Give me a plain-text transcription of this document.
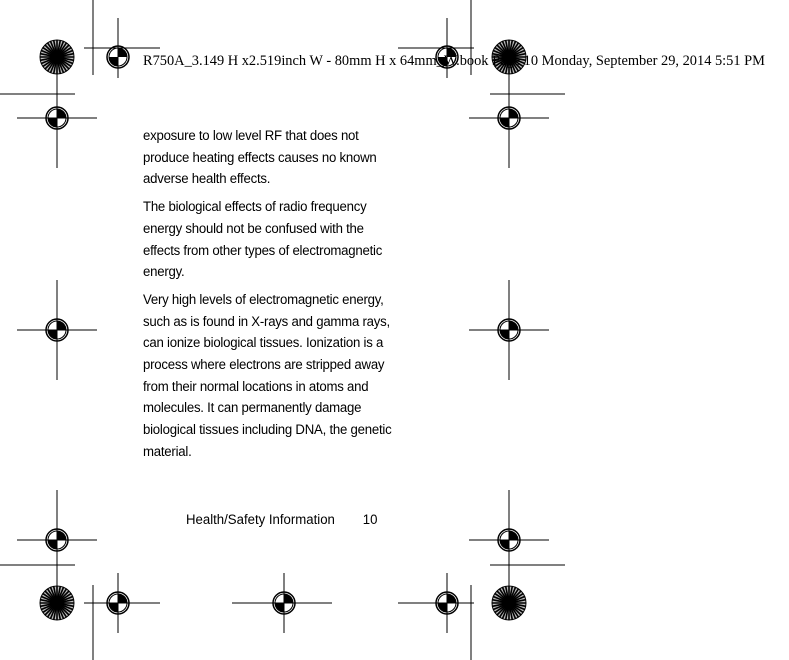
R750A_3.149 H x2.519inch W - 80mm H x 64mm_W.book Page 10 Monday, September 29, 2014 5:51 PM

exposure to low level RF that does not produce heating effects causes no known adverse health effects.

The biological effects of radio frequency energy should not be confused with the effects from other types of electromagnetic energy.

Very high levels of electromagnetic energy, such as is found in X-rays and gamma rays, can ionize biological tissues. Ionization is a process where electrons are stripped away from their normal locations in atoms and molecules. It can permanently damage biological tissues including DNA, the genetic material.

Health/Safety Information 10
